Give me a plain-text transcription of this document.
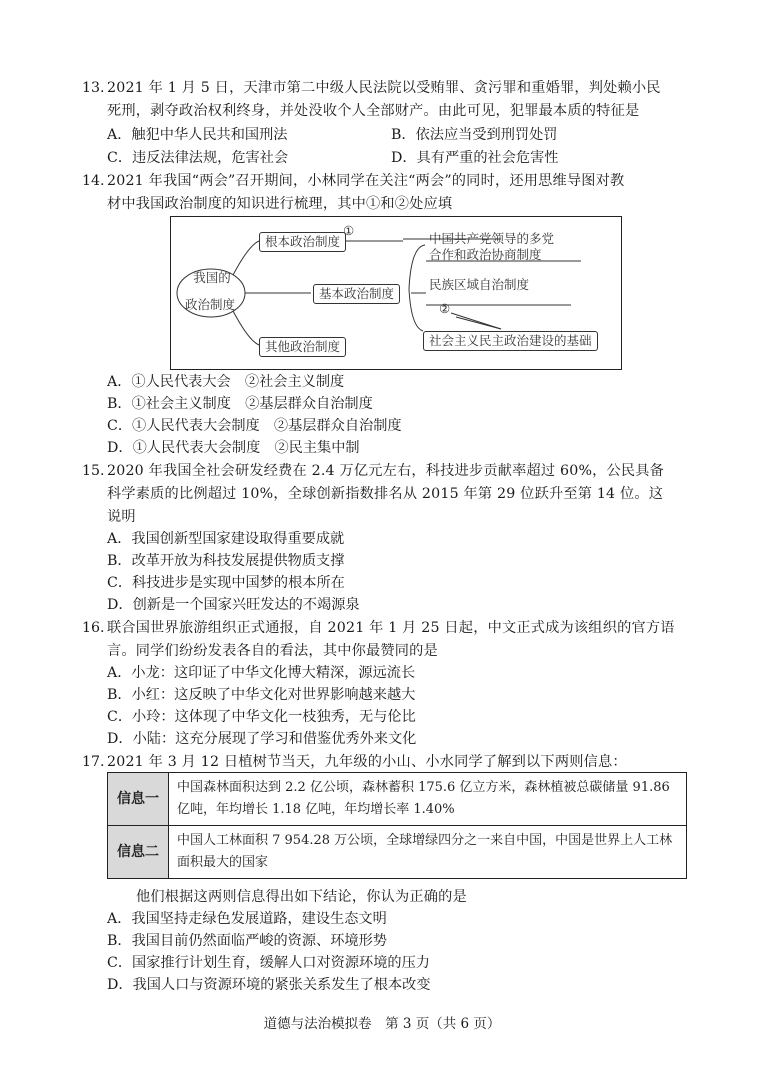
13. 2021 年 1 月 5 日，天津市第二中级人民法院以受贿罪、贪污罪和重婚罪，判处赖小民
死刑，剥夺政治权利终身，并处没收个人全部财产。由此可见，犯罪最本质的特征是
A．触犯中华人民共和国刑法	B．依法应当受到刑罚处罚
C．违反法律法规，危害社会	D．具有严重的社会危害性
14. 2021 年我国“两会”召开期间，小林同学在关注“两会”的同时，还用思维导图对教
材中我国政治制度的知识进行梳理，其中①和②处应填
我国的
政治制度
根本政治制度
①
基本政治制度
其他政治制度
中国共产党领导的多党
合作和政治协商制度
民族区域自治制度
②
社会主义民主政治建设的基础
A．①人民代表大会　②社会主义制度
B．①社会主义制度　②基层群众自治制度
C．①人民代表大会制度　②基层群众自治制度
D．①人民代表大会制度　②民主集中制
15. 2020 年我国全社会研发经费在 2.4 万亿元左右，科技进步贡献率超过 60%，公民具备
科学素质的比例超过 10%，全球创新指数排名从 2015 年第 29 位跃升至第 14 位。这
说明
A．我国创新型国家建设取得重要成就
B．改革开放为科技发展提供物质支撑
C．科技进步是实现中国梦的根本所在
D．创新是一个国家兴旺发达的不竭源泉
16. 联合国世界旅游组织正式通报，自 2021 年 1 月 25 日起，中文正式成为该组织的官方语
言。同学们纷纷发表各自的看法，其中你最赞同的是
A．小龙：这印证了中华文化博大精深，源远流长
B．小红：这反映了中华文化对世界影响越来越大
C．小玲：这体现了中华文化一枝独秀，无与伦比
D．小陆：这充分展现了学习和借鉴优秀外来文化
17. 2021 年 3 月 12 日植树节当天，九年级的小山、小水同学了解到以下两则信息：
信息一	中国森林面积达到 2.2 亿公顷，森林蓄积 175.6 亿立方米，森林植被总碳储量 91.86 亿吨，年均增长 1.18 亿吨，年均增长率 1.40%
信息二	中国人工林面积 7 954.28 万公顷，全球增绿四分之一来自中国，中国是世界上人工林面积最大的国家
他们根据这两则信息得出如下结论，你认为正确的是
A．我国坚持走绿色发展道路，建设生态文明
B．我国目前仍然面临严峻的资源、环境形势
C．国家推行计划生育，缓解人口对资源环境的压力
D．我国人口与资源环境的紧张关系发生了根本改变
道德与法治模拟卷　第 3 页（共 6 页）
